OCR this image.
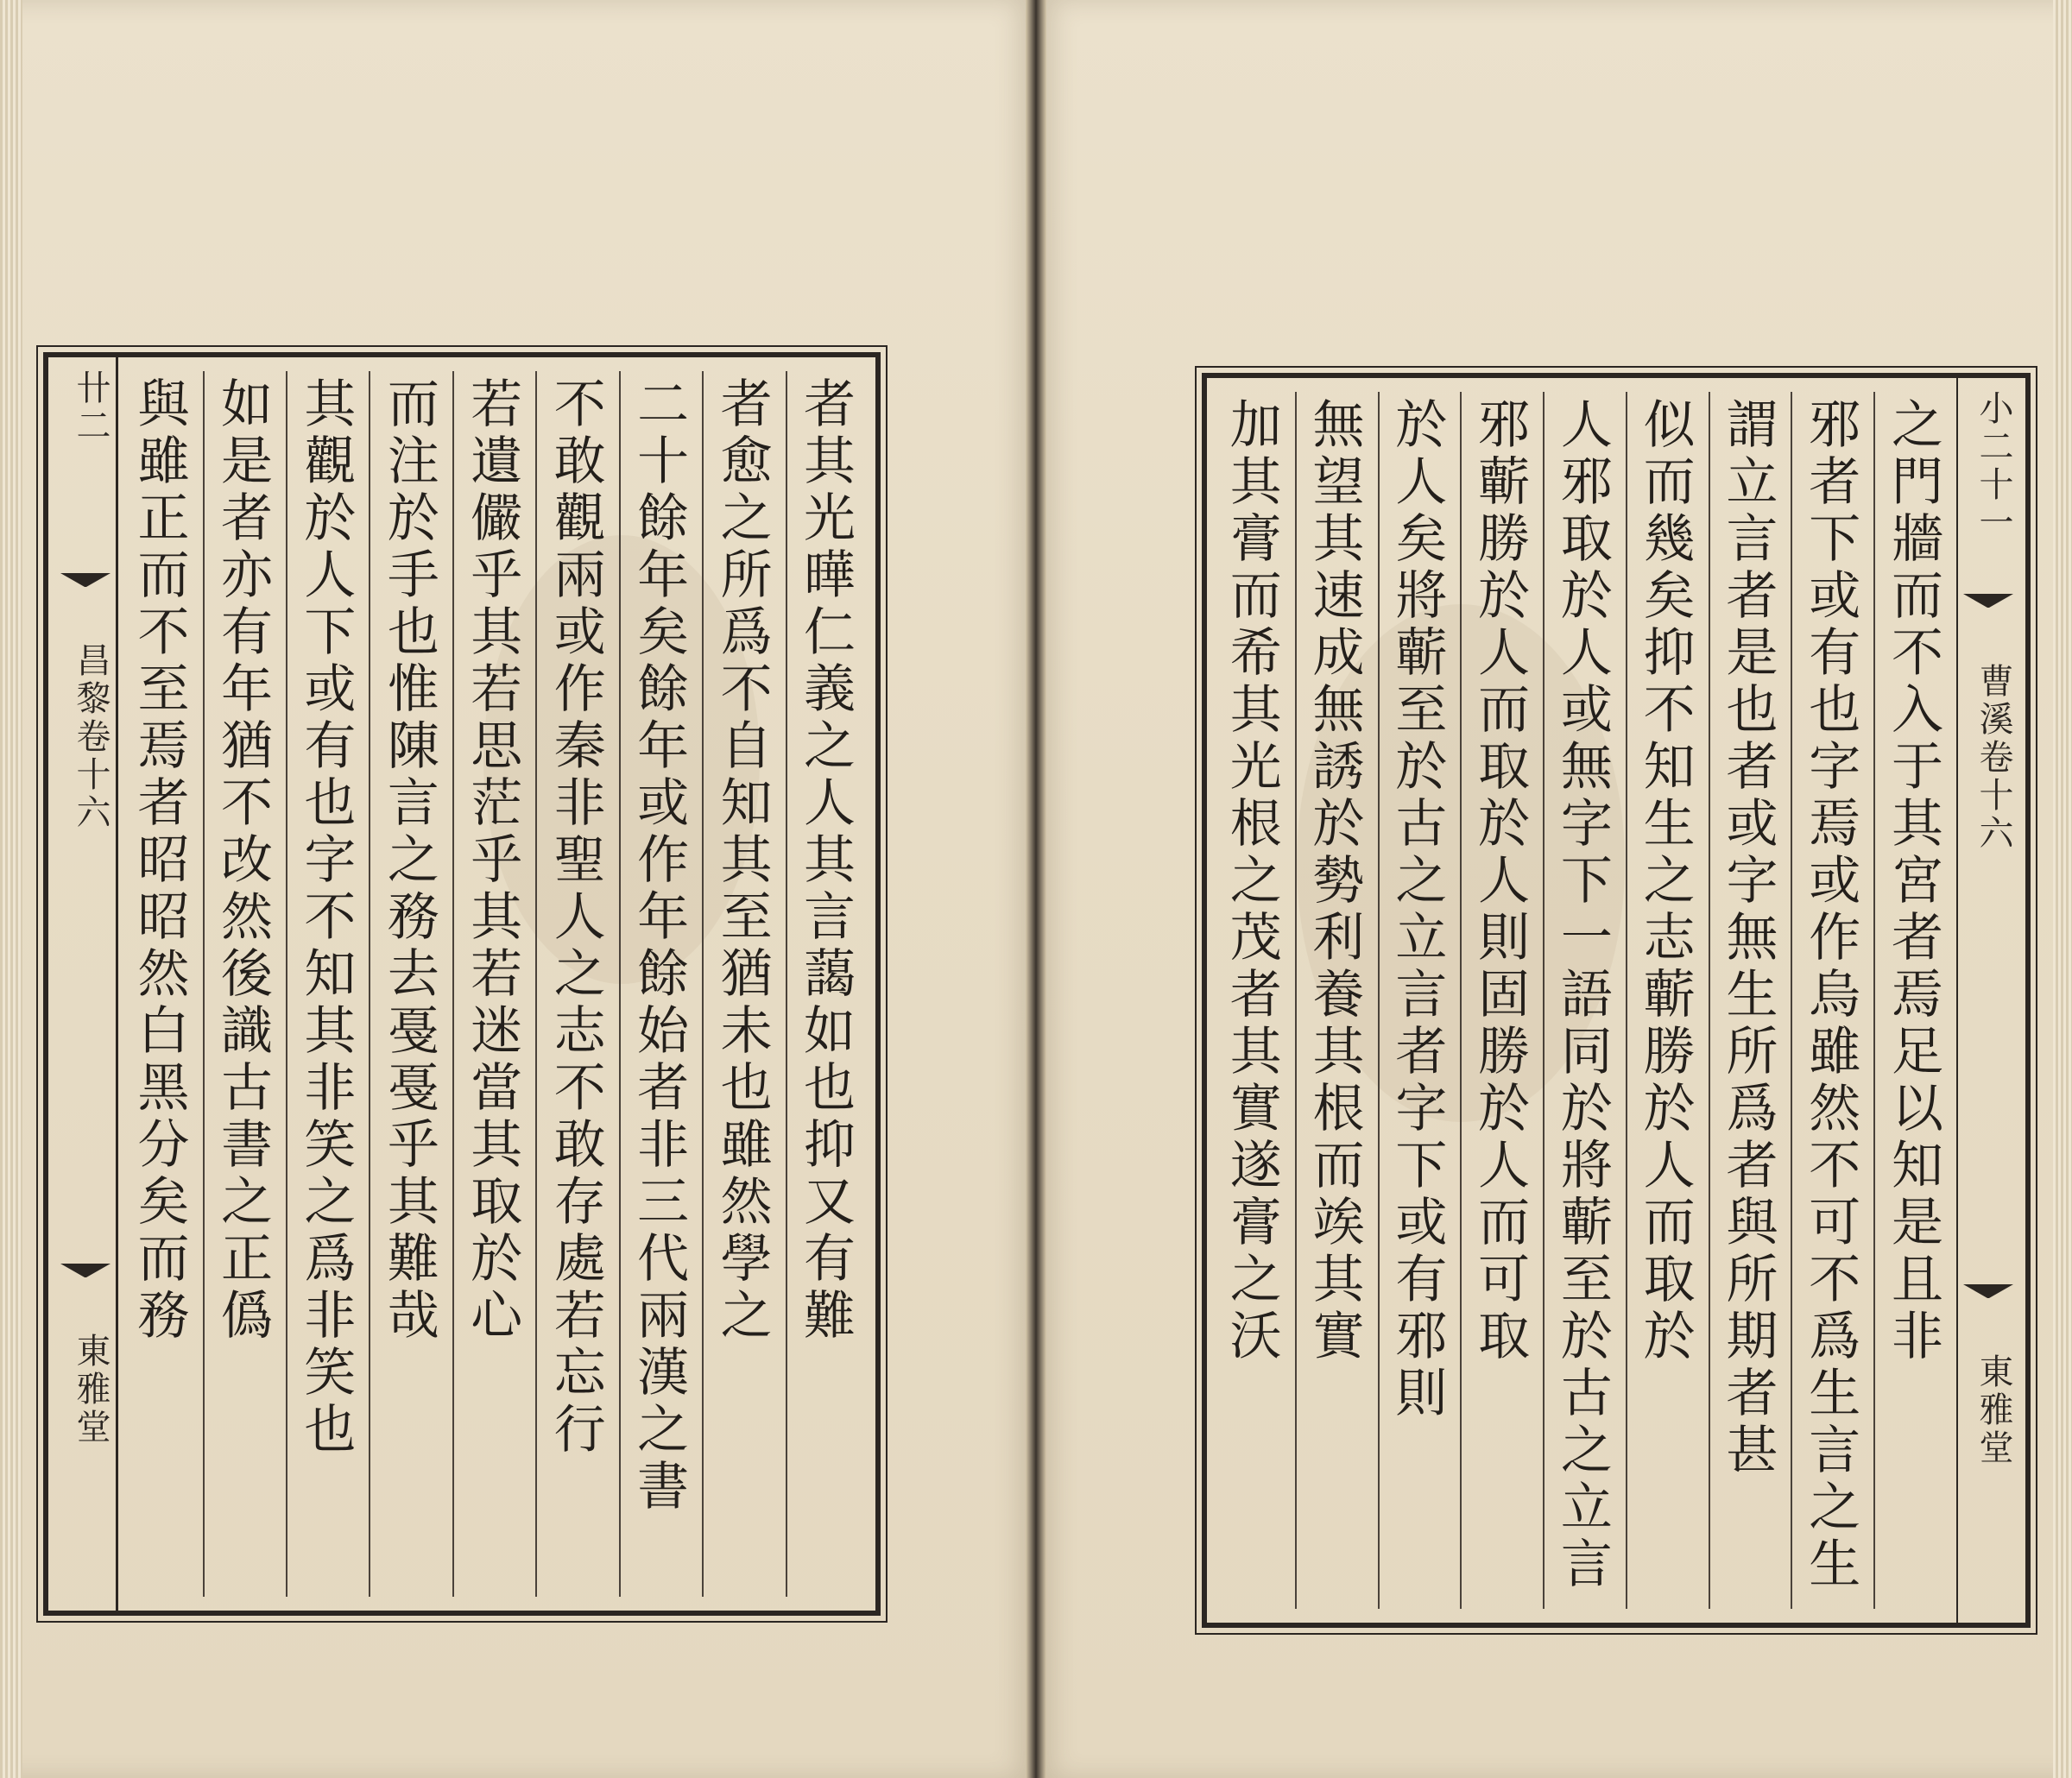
卄二
昌黎卷十六
東雅堂
者其光曄仁義之人其言藹如也抑又有難
者愈之所爲不自知其至猶未也雖然學之
二十餘年矣餘年或作年餘始者非三代兩漢之書
不敢觀兩或作秦非聖人之志不敢存處若忘行
若遺儼乎其若思茫乎其若迷當其取於心
而注於手也惟陳言之務去戞戞乎其難哉
其觀於人下或有也字不知其非笑之爲非笑也
如是者亦有年猶不改然後識古書之正僞
與雖正而不至焉者昭昭然白黑分矣而務	之門牆而不入于其宮者焉足以知是且非
邪者下或有也字焉或作烏雖然不可不爲生言之生
謂立言者是也者或字無生所爲者與所期者甚
似而幾矣抑不知生之志蘄勝於人而取於
人邪取於人或無字下一語同於將蘄至於古之立言
邪蘄勝於人而取於人則固勝於人而可取
於人矣將蘄至於古之立言者字下或有邪則
無望其速成無誘於勢利養其根而竢其實
加其膏而希其光根之茂者其實遂膏之沃	小二十一
曹溪卷十六
東雅堂
